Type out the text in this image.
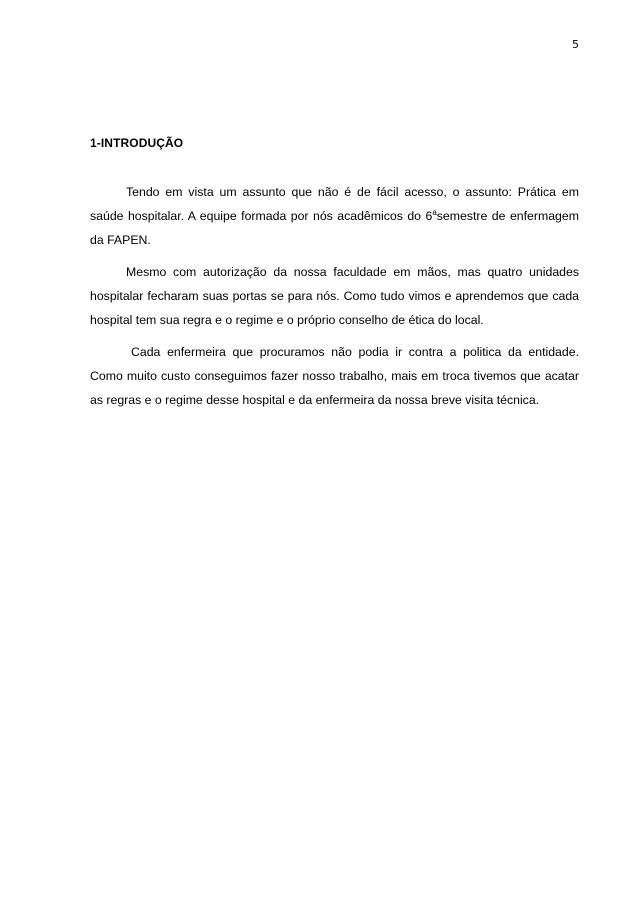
5
1-INTRODUÇÃO

Tendo em vista um assunto que não é de fácil acesso, o assunto: Prática em saúde hospitalar. A equipe formada por nós acadêmicos do 6$^a$semestre de enfermagem da FAPEN.

Mesmo com autorização da nossa faculdade em mãos, mas quatro unidades hospitalar fecharam suas portas se para nós. Como tudo vimos e aprendemos que cada hospital tem sua regra e o regime e o próprio conselho de ética do local.

Cada enfermeira que procuramos não podia ir contra a politica da entidade. Como muito custo conseguimos fazer nosso trabalho, mais em troca tivemos que acatar as regras e o regime desse hospital e da enfermeira da nossa breve visita técnica.
